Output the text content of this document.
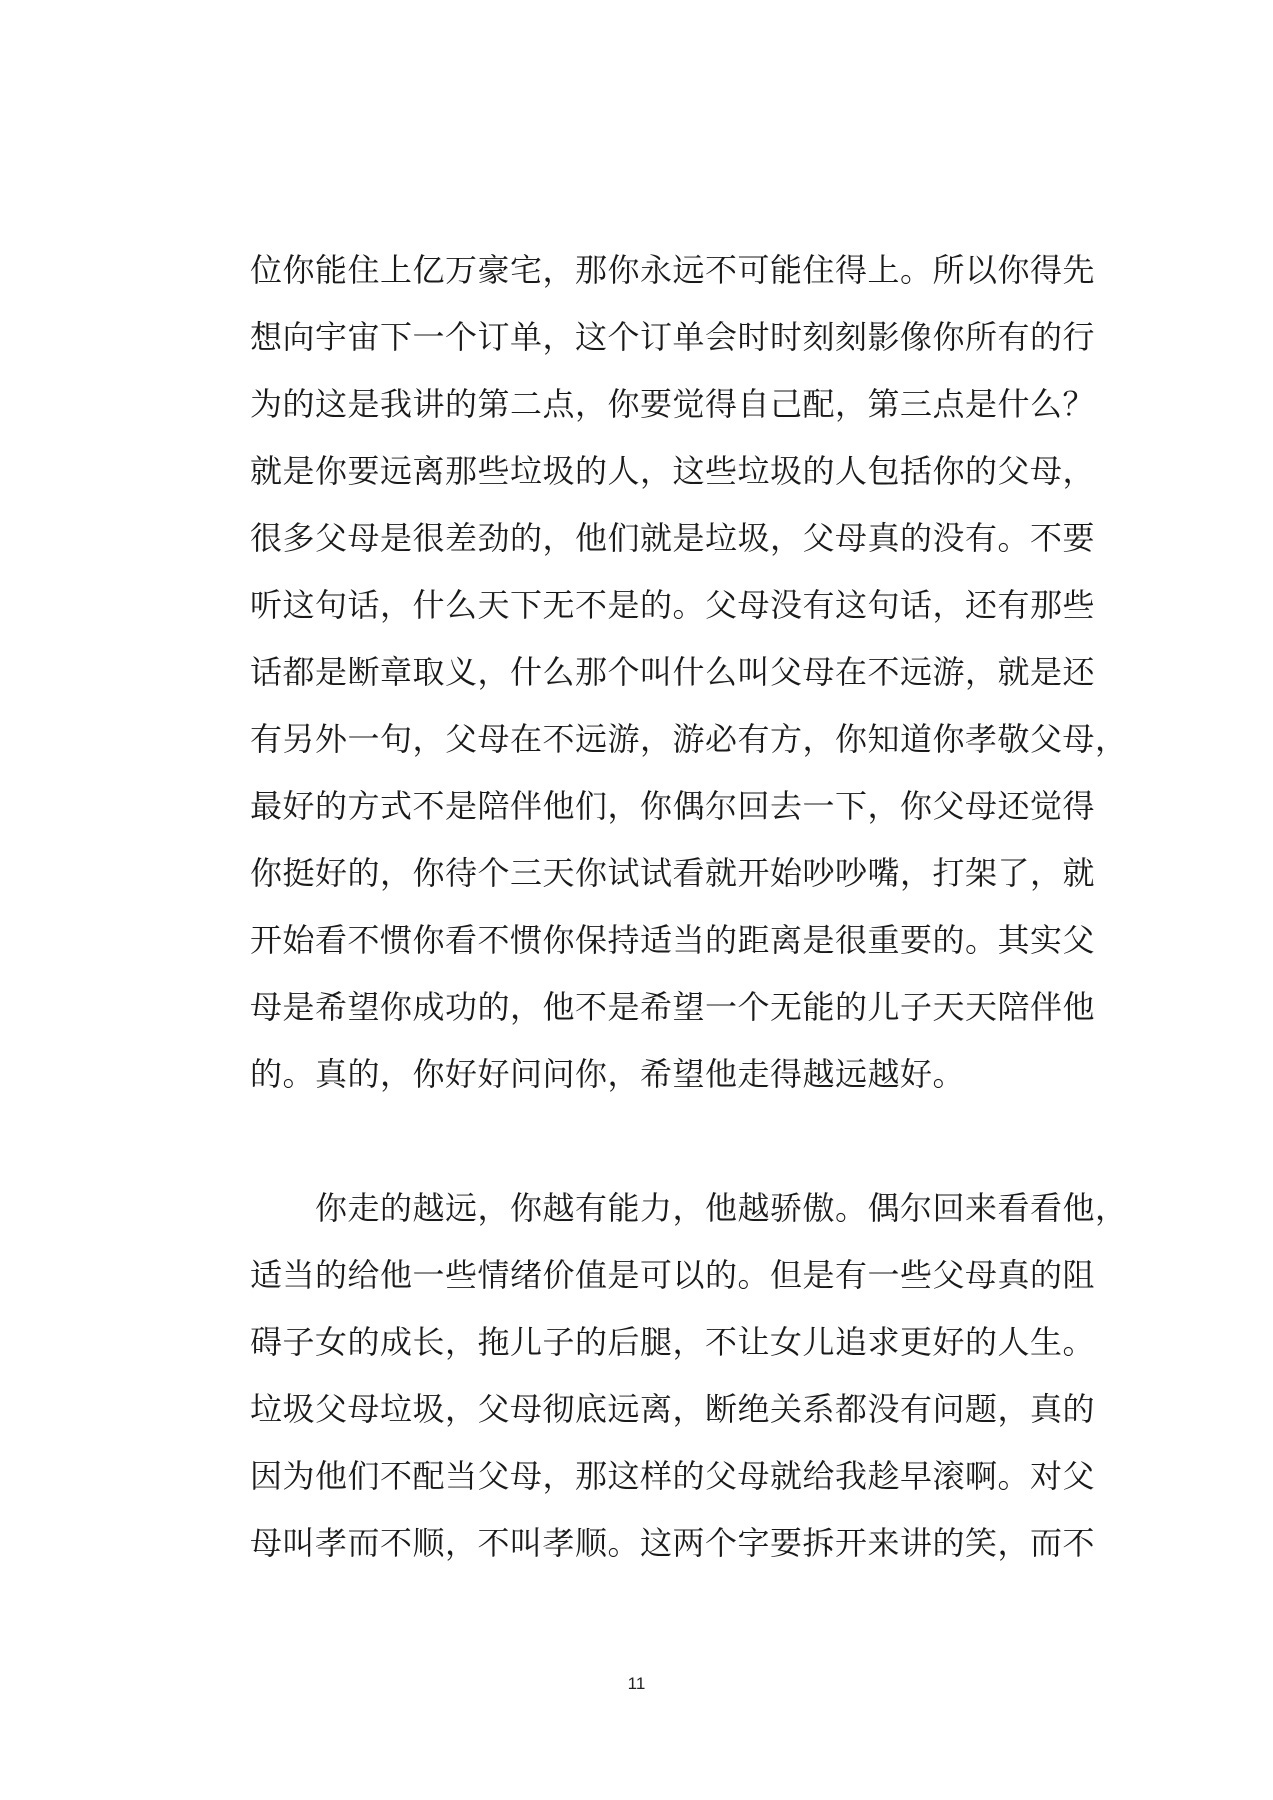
位你能住上亿万豪宅，那你永远不可能住得上。所以你得先
想向宇宙下一个订单，这个订单会时时刻刻影像你所有的行
为的这是我讲的第二点，你要觉得自己配，第三点是什么？
就是你要远离那些垃圾的人，这些垃圾的人包括你的父母，
很多父母是很差劲的，他们就是垃圾，父母真的没有。不要
听这句话，什么天下无不是的。父母没有这句话，还有那些
话都是断章取义，什么那个叫什么叫父母在不远游，就是还
有另外一句，父母在不远游，游必有方，你知道你孝敬父母，
最好的方式不是陪伴他们，你偶尔回去一下，你父母还觉得
你挺好的，你待个三天你试试看就开始吵吵嘴，打架了，就
开始看不惯你看不惯你保持适当的距离是很重要的。其实父
母是希望你成功的，他不是希望一个无能的儿子天天陪伴他
的。真的，你好好问问你，希望他走得越远越好。
　　你走的越远，你越有能力，他越骄傲。偶尔回来看看他，
适当的给他一些情绪价值是可以的。但是有一些父母真的阻
碍子女的成长，拖儿子的后腿，不让女儿追求更好的人生。
垃圾父母垃圾，父母彻底远离，断绝关系都没有问题，真的
因为他们不配当父母，那这样的父母就给我趁早滚啊。对父
母叫孝而不顺，不叫孝顺。这两个字要拆开来讲的笑，而不
11
